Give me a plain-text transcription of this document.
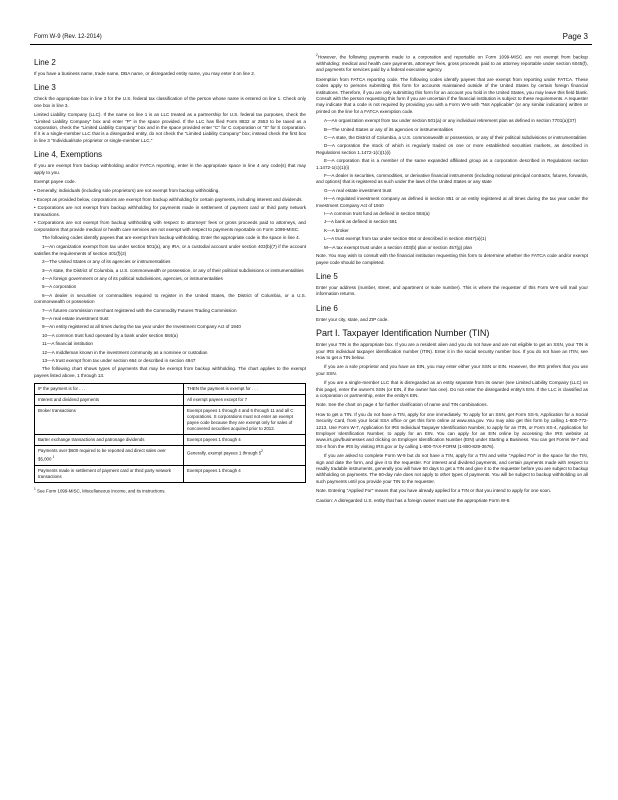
Form W-9 (Rev. 12-2014)	Page 3
Line 2

If you have a business name, trade name, DBA name, or disregarded entity name, you may enter it on line 2.

Line 3

Check the appropriate box in line 3 for the U.S. federal tax classification of the person whose name is entered on line 1. Check only one box in line 3.

Limited Liability Company (LLC). If the name on line 1 is an LLC treated as a partnership for U.S. federal tax purposes, check the "Limited Liability Company" box and enter "P" in the space provided. If the LLC has filed Form 8832 or 2553 to be taxed as a corporation, check the "Limited Liability Company" box and in the space provided enter "C" for C corporation or "S" for S corporation. If it is a single-member LLC that is a disregarded entity, do not check the "Limited Liability Company" box; instead check the first box in line 3 "Individual/sole proprietor or single-member LLC."

Line 4, Exemptions

If you are exempt from backup withholding and/or FATCA reporting, enter in the appropriate space in line 4 any code(s) that may apply to you.

Exempt payee code.

• Generally, individuals (including sole proprietors) are not exempt from backup withholding.

• Except as provided below, corporations are exempt from backup withholding for certain payments, including interest and dividends.

• Corporations are not exempt from backup withholding for payments made in settlement of payment card or third party network transactions.

• Corporations are not exempt from backup withholding with respect to attorneys' fees or gross proceeds paid to attorneys, and corporations that provide medical or health care services are not exempt with respect to payments reportable on Form 1099-MISC.

The following codes identify payees that are exempt from backup withholding. Enter the appropriate code in the space in line 4.

1—An organization exempt from tax under section 501(a), any IRA, or a custodial account under section 403(b)(7) if the account satisfies the requirements of section 401(f)(2)

2—The United States or any of its agencies or instrumentalities

3—A state, the District of Columbia, a U.S. commonwealth or possession, or any of their political subdivisions or instrumentalities

4—A foreign government or any of its political subdivisions, agencies, or instrumentalities

5—A corporation

6—A dealer in securities or commodities required to register in the United States, the District of Columbia, or a U.S. commonwealth or possession

7—A futures commission merchant registered with the Commodity Futures Trading Commission

8—A real estate investment trust

9—An entity registered at all times during the tax year under the Investment Company Act of 1940

10—A common trust fund operated by a bank under section 584(a)

11—A financial institution

12—A middleman known in the investment community as a nominee or custodian

13—A trust exempt from tax under section 664 or described in section 4947

The following chart shows types of payments that may be exempt from backup withholding. The chart applies to the exempt payees listed above, 1 through 13.

IF the payment is for . . .	THEN the payment is exempt for . . .
Interest and dividend payments	All exempt payees except for 7
Broker transactions	Exempt payees 1 through 4 and 6 through 11 and all C corporations. S corporations must not enter an exempt payee code because they are exempt only for sales of noncovered securities acquired prior to 2012.
Barter exchange transactions and patronage dividends	Exempt payees 1 through 4
Payments over $600 required to be reported and direct sales over $5,000 $^1$	Generally, exempt payees 1 through $5^2$
Payments made in settlement of payment card or third party network transactions	Exempt payees 1 through 4
$^1$ See Form 1099-MISC, Miscellaneous Income, and its instructions.

$^2$However, the following payments made to a corporation and reportable on Form 1099-MISC are not exempt from backup withholding: medical and health care payments, attorneys' fees, gross proceeds paid to an attorney reportable under section 6045(f), and payments for services paid by a federal executive agency.

Exemption from FATCA reporting code. The following codes identify payees that are exempt from reporting under FATCA. These codes apply to persons submitting this form for accounts maintained outside of the United States by certain foreign financial institutions. Therefore, if you are only submitting this form for an account you hold in the United States, you may leave this field blank. Consult with the person requesting this form if you are uncertain if the financial institution is subject to these requirements. A requester may indicate that a code is not required by providing you with a Form W-9 with "Not Applicable" (or any similar indication) written or printed on the line for a FATCA exemption code.

A—An organization exempt from tax under section 501(a) or any individual retirement plan as defined in section 7701(a)(37)

B—The United States or any of its agencies or instrumentalities

C—A state, the District of Columbia, a U.S. commonwealth or possession, or any of their political subdivisions or instrumentalities

D—A corporation the stock of which is regularly traded on one or more established securities markets, as described in Regulations section 1.1472-1(c)(1)(i)

E—A corporation that is a member of the same expanded affiliated group as a corporation described in Regulations section 1.1472-1(c)(1)(i)

F—A dealer in securities, commodities, or derivative financial instruments (including notional principal contracts, futures, forwards, and options) that is registered as such under the laws of the United States or any state

G—A real estate investment trust

H—A regulated investment company as defined in section 851 or an entity registered at all times during the tax year under the Investment Company Act of 1940

I—A common trust fund as defined in section 584(a)

J—A bank as defined in section 581

K—A broker

L—A trust exempt from tax under section 664 or described in section 4947(a)(1)

M—A tax exempt trust under a section 403(b) plan or section 457(g) plan

Note. You may wish to consult with the financial institution requesting this form to determine whether the FATCA code and/or exempt payee code should be completed.

Line 5

Enter your address (number, street, and apartment or suite number). This is where the requester of this Form W-9 will mail your information returns.

Line 6

Enter your city, state, and ZIP code.

Part I. Taxpayer Identification Number (TIN)

Enter your TIN in the appropriate box. If you are a resident alien and you do not have and are not eligible to get an SSN, your TIN is your IRS individual taxpayer identification number (ITIN). Enter it in the social security number box. If you do not have an ITIN, see How to get a TIN below.

If you are a sole proprietor and you have an EIN, you may enter either your SSN or EIN. However, the IRS prefers that you use your SSN.

If you are a single-member LLC that is disregarded as an entity separate from its owner (see Limited Liability Company (LLC) on this page), enter the owner's SSN (or EIN, if the owner has one). Do not enter the disregarded entity's EIN. If the LLC is classified as a corporation or partnership, enter the entity's EIN.

Note. See the chart on page 4 for further clarification of name and TIN combinations.

How to get a TIN. If you do not have a TIN, apply for one immediately. To apply for an SSN, get Form SS-5, Application for a Social Security Card, from your local SSA office or get this form online at www.ssa.gov. You may also get this form by calling 1-800-772-1213. Use Form W-7, Application for IRS Individual Taxpayer Identification Number, to apply for an ITIN, or Form SS-4, Application for Employer Identification Number, to apply for an EIN. You can apply for an EIN online by accessing the IRS website at www.irs.gov/businesses and clicking on Employer Identification Number (EIN) under Starting a Business. You can get Forms W-7 and SS-4 from the IRS by visiting IRS.gov or by calling 1-800-TAX-FORM (1-800-829-3676).

If you are asked to complete Form W-9 but do not have a TIN, apply for a TIN and write "Applied For" in the space for the TIN, sign and date the form, and give it to the requester. For interest and dividend payments, and certain payments made with respect to readily tradable instruments, generally you will have 60 days to get a TIN and give it to the requester before you are subject to backup withholding on payments. The 60-day rule does not apply to other types of payments. You will be subject to backup withholding on all such payments until you provide your TIN to the requester.

Note. Entering "Applied For" means that you have already applied for a TIN or that you intend to apply for one soon.

Caution: A disregarded U.S. entity that has a foreign owner must use the appropriate Form W-8.
